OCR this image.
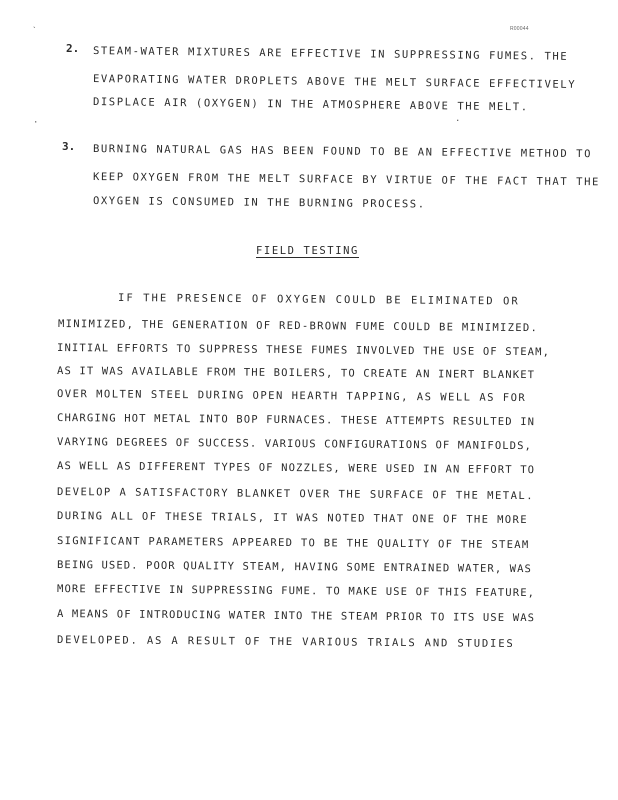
`	R00044
2. STEAM-WATER MIXTURES ARE EFFECTIVE IN SUPPRESSING FUMES. THE
EVAPORATING WATER DROPLETS ABOVE THE MELT SURFACE EFFECTIVELY
DISPLACE AIR (OXYGEN) IN THE ATMOSPHERE ABOVE THE MELT.
.
·
3. BURNING NATURAL GAS HAS BEEN FOUND TO BE AN EFFECTIVE METHOD TO
KEEP OXYGEN FROM THE MELT SURFACE BY VIRTUE OF THE FACT THAT THE
OXYGEN IS CONSUMED IN THE BURNING PROCESS.
FIELD TESTING
IF THE PRESENCE OF OXYGEN COULD BE ELIMINATED OR
MINIMIZED, THE GENERATION OF RED-BROWN FUME COULD BE MINIMIZED.
INITIAL EFFORTS TO SUPPRESS THESE FUMES INVOLVED THE USE OF STEAM,
AS IT WAS AVAILABLE FROM THE BOILERS, TO CREATE AN INERT BLANKET
OVER MOLTEN STEEL DURING OPEN HEARTH TAPPING, AS WELL AS FOR
CHARGING HOT METAL INTO BOP FURNACES. THESE ATTEMPTS RESULTED IN
VARYING DEGREES OF SUCCESS. VARIOUS CONFIGURATIONS OF MANIFOLDS,
AS WELL AS DIFFERENT TYPES OF NOZZLES, WERE USED IN AN EFFORT TO
DEVELOP A SATISFACTORY BLANKET OVER THE SURFACE OF THE METAL.
DURING ALL OF THESE TRIALS, IT WAS NOTED THAT ONE OF THE MORE
SIGNIFICANT PARAMETERS APPEARED TO BE THE QUALITY OF THE STEAM
BEING USED. POOR QUALITY STEAM, HAVING SOME ENTRAINED WATER, WAS
MORE EFFECTIVE IN SUPPRESSING FUME. TO MAKE USE OF THIS FEATURE,
A MEANS OF INTRODUCING WATER INTO THE STEAM PRIOR TO ITS USE WAS
DEVELOPED. AS A RESULT OF THE VARIOUS TRIALS AND STUDIES
